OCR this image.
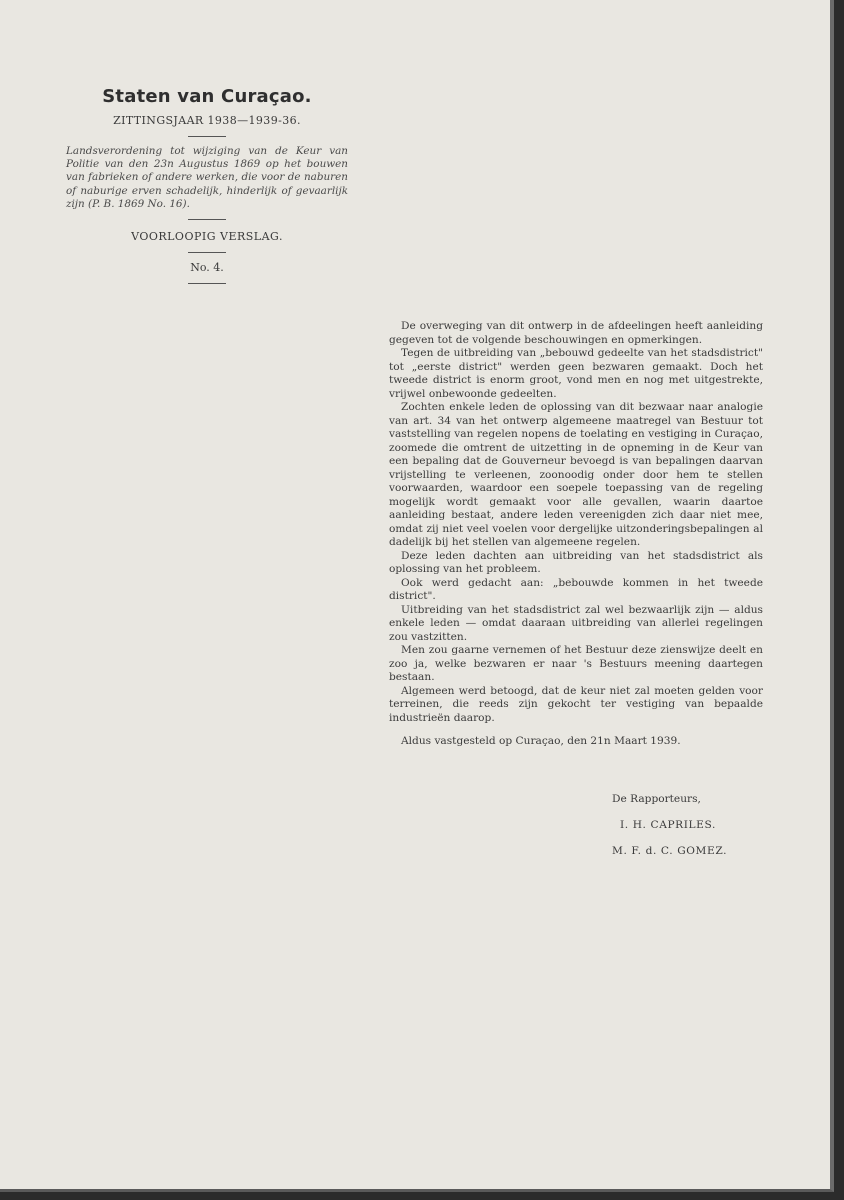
Staten van Curaçao.
ZITTINGSJAAR 1938—1939-36.

Landsverordening tot wijziging van de Keur van Politie van den 23n Augustus 1869 op het bouwen van fabrieken of andere werken, die voor de naburen of naburige erven schadelijk, hinderlijk of gevaarlijk zijn (P. B. 1869 No. 16).

VOORLOOPIG VERSLAG.
No. 4.

De overweging van dit ontwerp in de afdeelingen heeft aanleiding gegeven tot de volgende beschouwingen en opmerkingen.

Tegen de uitbreiding van „bebouwd gedeelte van het stadsdistrict" tot „eerste district" werden geen bezwaren gemaakt. Doch het tweede district is enorm groot, vond men en nog met uitgestrekte, vrijwel onbewoonde gedeelten.

Zochten enkele leden de oplossing van dit bezwaar naar analogie van art. 34 van het ontwerp algemeene maatregel van Bestuur tot vaststelling van regelen nopens de toelating en vestiging in Curaçao, zoomede die omtrent de uitzetting in de opneming in de Keur van een bepaling dat de Gouverneur bevoegd is van bepalingen daarvan vrijstelling te verleenen, zoonoodig onder door hem te stellen voorwaarden, waardoor een soepele toepassing van de regeling mogelijk wordt gemaakt voor alle gevallen, waarin daartoe aanleiding bestaat, andere leden vereenigden zich daar niet mee, omdat zij niet veel voelen voor dergelijke uitzonderingsbepalingen al dadelijk bij het stellen van algemeene regelen.

Deze leden dachten aan uitbreiding van het stadsdistrict als oplossing van het probleem.

Ook werd gedacht aan: „bebouwde kommen in het tweede district".

Uitbreiding van het stadsdistrict zal wel bezwaarlijk zijn — aldus enkele leden — omdat daaraan uitbreiding van allerlei regelingen zou vastzitten.

Men zou gaarne vernemen of het Bestuur deze zienswijze deelt en zoo ja, welke bezwaren er naar 's Bestuurs meening daartegen bestaan.

Algemeen werd betoogd, dat de keur niet zal moeten gelden voor terreinen, die reeds zijn gekocht ter vestiging van bepaalde industrieën daarop.

Aldus vastgesteld op Curaçao, den 21n Maart 1939.

De Rapporteurs,

I. H. CAPRILES.

M. F. d. C. GOMEZ.
